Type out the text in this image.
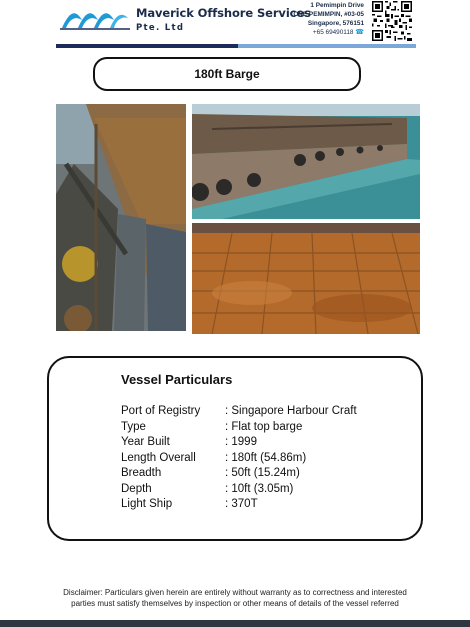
Maverick Offshore Services
Pte. Ltd
1 Pemimpin Drive
ONE PEMIMPIN, #03-05
Singapore, 576151
+65 69490118 ☎
180ft Barge
Vessel Particulars
Port of Registry	: Singapore Harbour Craft
Type	: Flat top barge
Year Built	: 1999
Length Overall	: 180ft (54.86m)
Breadth	: 50ft (15.24m)
Depth	: 10ft (3.05m)
Light Ship	: 370T
Disclaimer: Particulars given herein are entirely without warranty as to correctness and interested
parties must satisfy themselves by inspection or other means of details of the vessel referred
